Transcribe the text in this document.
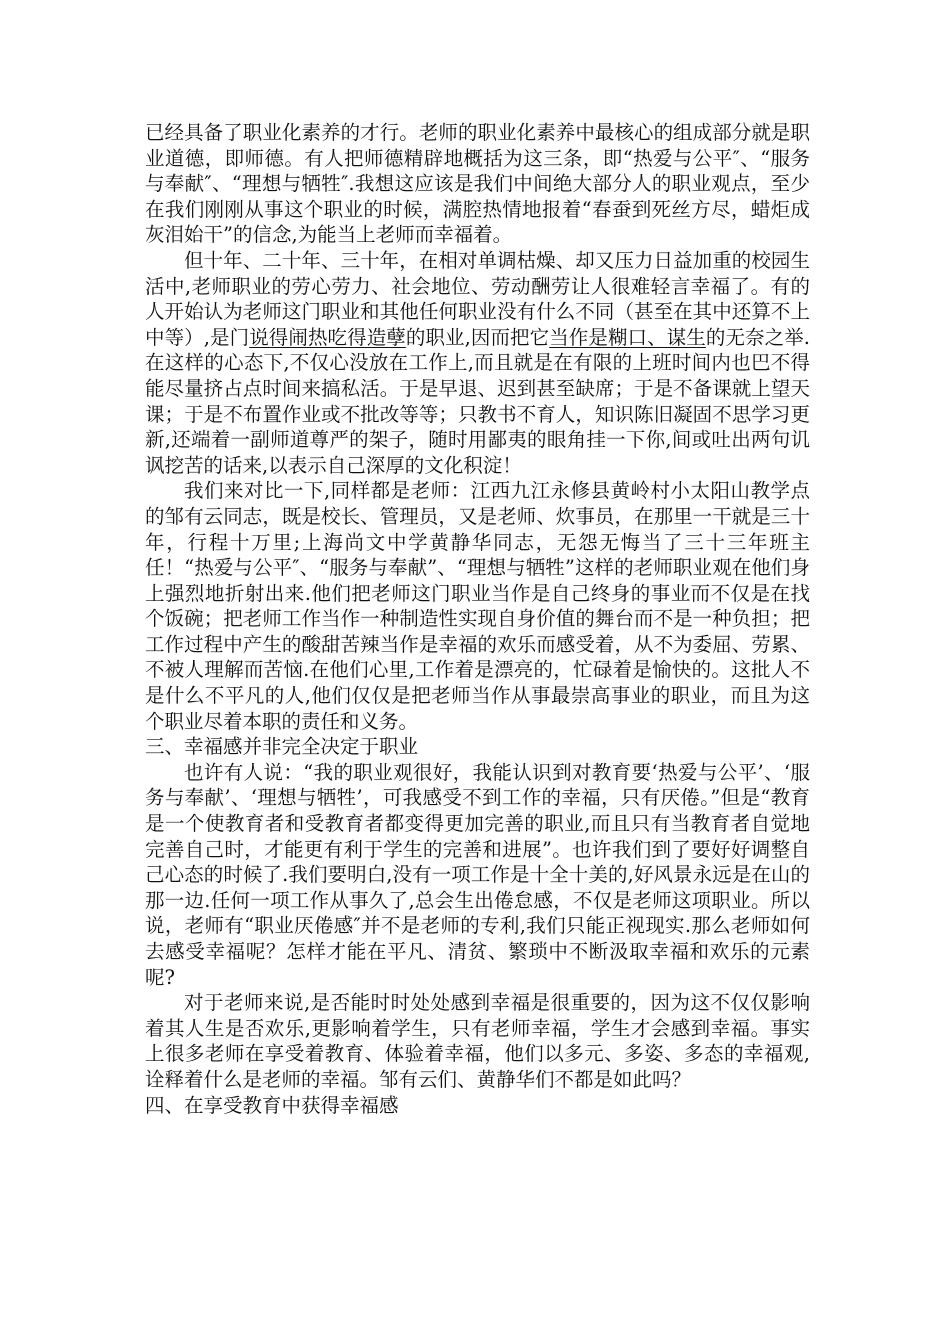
已经具备了职业化素养的才行。老师的职业化素养中最核心的组成部分就是职业道德，即师德。有人把师德精辟地概括为这三条，即“热爱与公平″、“服务与奉献″、“理想与牺牲″.我想这应该是我们中间绝大部分人的职业观点，至少在我们刚刚从事这个职业的时候，满腔热情地报着“春蚕到死丝方尽，蜡炬成灰泪始干”的信念,为能当上老师而幸福着。

但十年、二十年、三十年，在相对单调枯燥、却又压力日益加重的校园生活中,老师职业的劳心劳力、社会地位、劳动酬劳让人很难轻言幸福了。有的人开始认为老师这门职业和其他任何职业没有什么不同（甚至在其中还算不上中等）,是门说得闹热吃得造孽的职业,因而把它当作是糊口、谋生的无奈之举.在这样的心态下,不仅心没放在工作上,而且就是在有限的上班时间内也巴不得能尽量挤占点时间来搞私活。于是早退、迟到甚至缺席；于是不备课就上望天课；于是不布置作业或不批改等等；只教书不育人，知识陈旧凝固不思学习更新,还端着一副师道尊严的架子，随时用鄙夷的眼角挂一下你,间或吐出两句讥讽挖苦的话来,以表示自己深厚的文化积淀！

我们来对比一下,同样都是老师：江西九江永修县黄岭村小太阳山教学点的邹有云同志，既是校长、管理员，又是老师、炊事员，在那里一干就是三十年，行程十万里;上海尚文中学黄静华同志，无怨无悔当了三十三年班主任！“热爱与公平″、“服务与奉献”、“理想与牺牲”这样的老师职业观在他们身上强烈地折射出来.他们把老师这门职业当作是自己终身的事业而不仅是在找个饭碗；把老师工作当作一种制造性实现自身价值的舞台而不是一种负担；把工作过程中产生的酸甜苦辣当作是幸福的欢乐而感受着，从不为委屈、劳累、不被人理解而苦恼.在他们心里,工作着是漂亮的，忙碌着是愉快的。这批人不是什么不平凡的人,他们仅仅是把老师当作从事最崇高事业的职业，而且为这个职业尽着本职的责任和义务。

三、幸福感并非完全决定于职业

也许有人说：“我的职业观很好，我能认识到对教育要‘热爱与公平’、‘服务与奉献’、‘理想与牺牲’，可我感受不到工作的幸福，只有厌倦。”但是“教育是一个使教育者和受教育者都变得更加完善的职业,而且只有当教育者自觉地完善自己时，才能更有利于学生的完善和进展”。也许我们到了要好好调整自己心态的时候了.我们要明白,没有一项工作是十全十美的,好风景永远是在山的那一边.任何一项工作从事久了,总会生出倦怠感，不仅是老师这项职业。所以说，老师有“职业厌倦感″并不是老师的专利,我们只能正视现实.那么老师如何去感受幸福呢？怎样才能在平凡、清贫、繁琐中不断汲取幸福和欢乐的元素呢?

对于老师来说,是否能时时处处感到幸福是很重要的，因为这不仅仅影响着其人生是否欢乐,更影响着学生，只有老师幸福，学生才会感到幸福。事实上很多老师在享受着教育、体验着幸福，他们以多元、多姿、多态的幸福观,诠释着什么是老师的幸福。邹有云们、黄静华们不都是如此吗？

四、在享受教育中获得幸福感
